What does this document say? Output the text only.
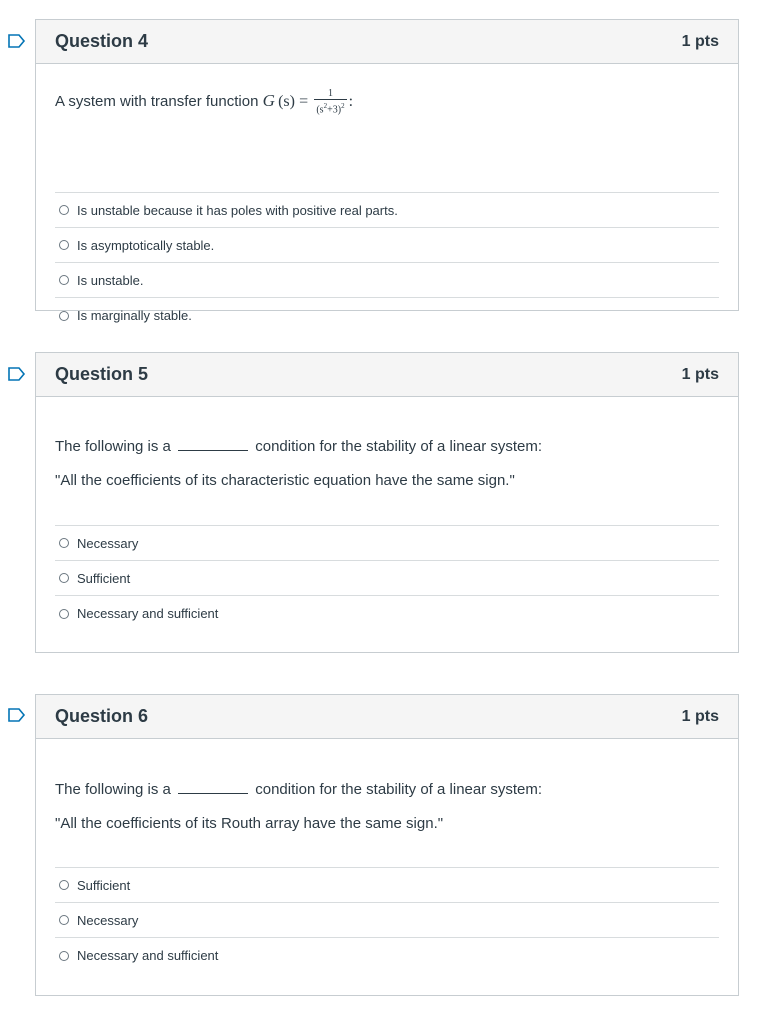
Question 4	1 pts
A system with transfer function G  $(s) = \frac{1}{(s^2+3)^2}$ :
Is unstable because it has poles with positive real parts.
Is asymptotically stable.
Is unstable.
Is marginally stable.
Question 5	1 pts

The following is a	condition for the stability of a linear system:

"All the coefficients of its characteristic equation have the same sign."

Necessary
Sufficient
Necessary and sufficient
Question 6	1 pts

The following is a	condition for the stability of a linear system:

"All the coefficients of its Routh array have the same sign."

Sufficient
Necessary
Necessary and sufficient
